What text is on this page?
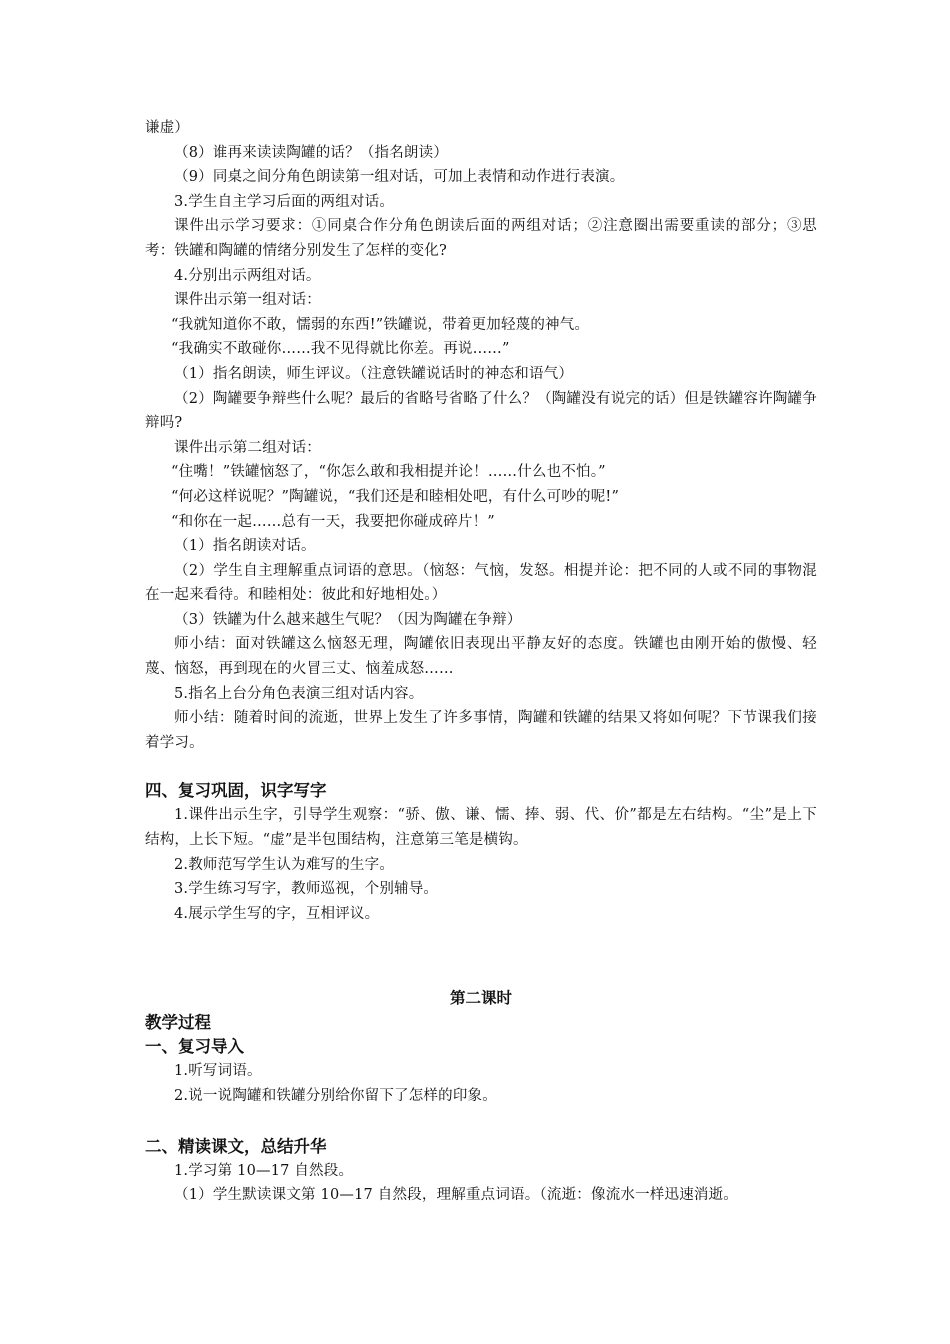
谦虚）

（8）谁再来读读陶罐的话？（指名朗读）

（9）同桌之间分角色朗读第一组对话，可加上表情和动作进行表演。

3.学生自主学习后面的两组对话。

课件出示学习要求：①同桌合作分角色朗读后面的两组对话；②注意圈出需要重读的部分；③思考：铁罐和陶罐的情绪分别发生了怎样的变化?

4.分别出示两组对话。

课件出示第一组对话：

“我就知道你不敢，懦弱的东西!”铁罐说，带着更加轻蔑的神气。

“我确实不敢碰你……我不见得就比你差。再说……”

（1）指名朗读，师生评议。（注意铁罐说话时的神态和语气）

（2）陶罐要争辩些什么呢？最后的省略号省略了什么？（陶罐没有说完的话）但是铁罐容许陶罐争辩吗?

课件出示第二组对话：

“住嘴！”铁罐恼怒了，“你怎么敢和我相提并论！……什么也不怕。”

“何必这样说呢？”陶罐说，“我们还是和睦相处吧，有什么可吵的呢!”

“和你在一起……总有一天，我要把你碰成碎片！”

（1）指名朗读对话。

（2）学生自主理解重点词语的意思。（恼怒：气恼，发怒。相提并论：把不同的人或不同的事物混在一起来看待。和睦相处：彼此和好地相处。）

（3）铁罐为什么越来越生气呢？（因为陶罐在争辩）

师小结：面对铁罐这么恼怒无理，陶罐依旧表现出平静友好的态度。铁罐也由刚开始的傲慢、轻蔑、恼怒，再到现在的火冒三丈、恼羞成怒……

5.指名上台分角色表演三组对话内容。

师小结：随着时间的流逝，世界上发生了许多事情，陶罐和铁罐的结果又将如何呢？下节课我们接着学习。

四、复习巩固，识字写字

1.课件出示生字，引导学生观察：“骄、傲、谦、懦、捧、弱、代、价”都是左右结构。“尘”是上下结构，上长下短。“虚”是半包围结构，注意第三笔是横钩。

2.教师范写学生认为难写的生字。

3.学生练习写字，教师巡视，个别辅导。

4.展示学生写的字，互相评议。

第二课时
教学过程
一、复习导入

1.听写词语。

2.说一说陶罐和铁罐分别给你留下了怎样的印象。

二、精读课文，总结升华

1.学习第 10—17 自然段。

（1）学生默读课文第 10—17 自然段，理解重点词语。（流逝：像流水一样迅速消逝。
